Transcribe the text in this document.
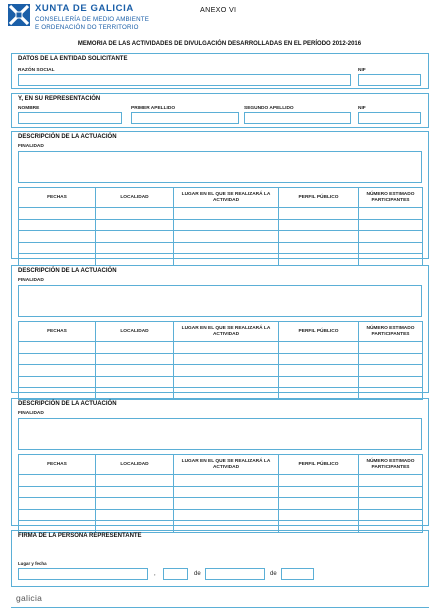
XUNTA DE GALICIA
CONSELLERÍA DE MEDIO AMBIENTE
E ORDENACIÓN DO TERRITORIO
ANEXO VI
MEMORIA DE LAS ACTIVIDADES DE DIVULGACIÓN DESARROLLADAS EN EL PERÍODO 2012-2016
DATOS DE LA ENTIDAD SOLICITANTE
RAZÓN SOCIAL	NIF
Y, EN SU REPRESENTACIÓN
NOMBRE	PRIMER APELLIDO	SEGUNDO APELLIDO	NIF
DESCRIPCIÓN DE LA ACTUACIÓN
FINALIDAD
FECHAS	LOCALIDAD	LUGAR EN EL QUE SE REALIZARÁ LA ACTIVIDAD	PERFIL PÚBLICO	NÚMERO ESTIMADO PARTICIPANTES

DESCRIPCIÓN DE LA ACTUACIÓN
FINALIDAD
FECHAS	LOCALIDAD	LUGAR EN EL QUE SE REALIZARÁ LA ACTIVIDAD	PERFIL PÚBLICO	NÚMERO ESTIMADO PARTICIPANTES

DESCRIPCIÓN DE LA ACTUACIÓN
FINALIDAD
FECHAS	LOCALIDAD	LUGAR EN EL QUE SE REALIZARÁ LA ACTIVIDAD	PERFIL PÚBLICO	NÚMERO ESTIMADO PARTICIPANTES

FIRMA DE LA PERSONA REPRESENTANTE
Lugar y fecha
,	de	de
galicia
